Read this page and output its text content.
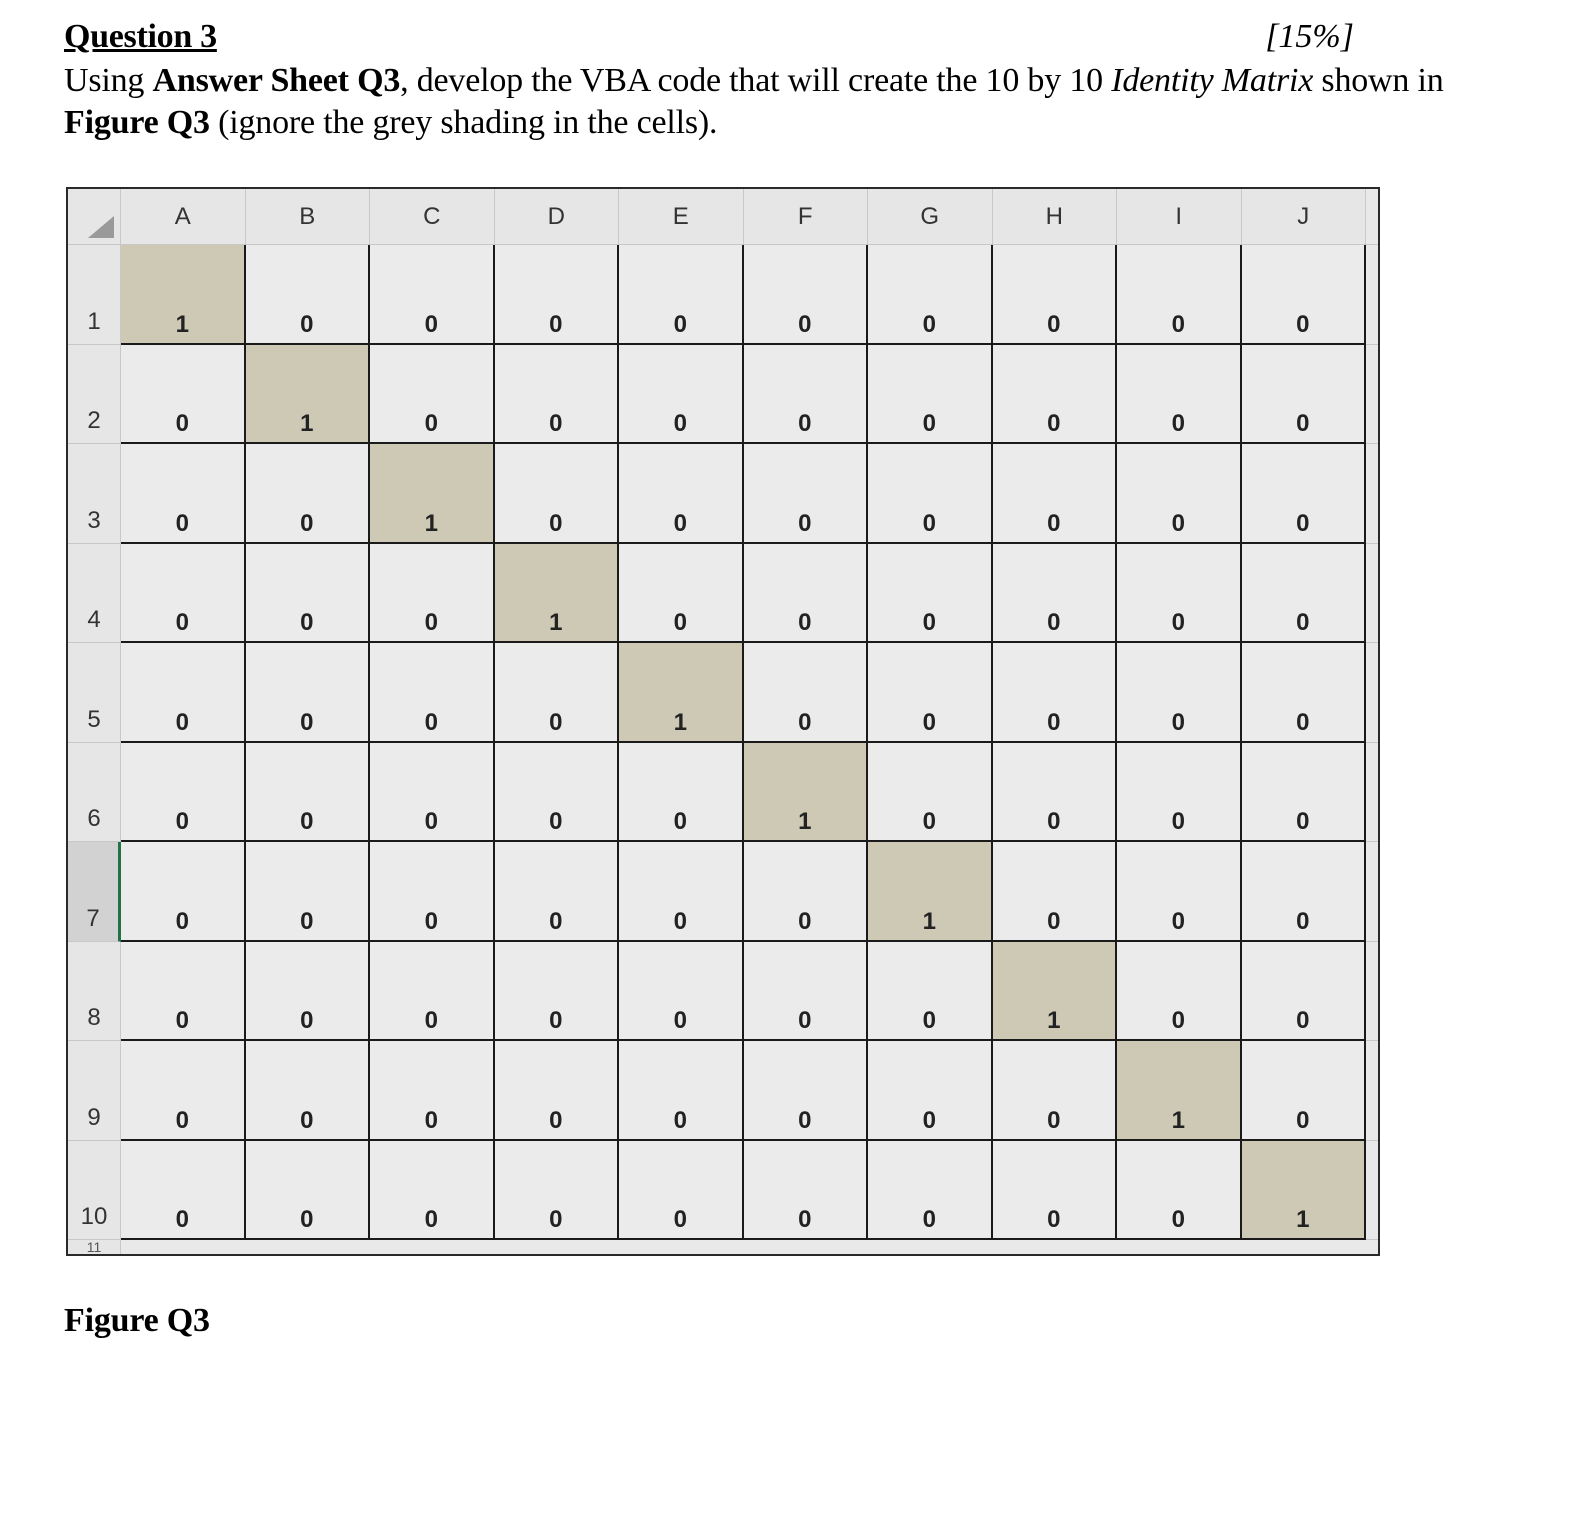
Question 3	[15%]
Using Answer Sheet Q3, develop the VBA code that will create the 10 by 10 Identity Matrix shown in Figure Q3 (ignore the grey shading in the cells).
A	B	C	D	E	F	G	H	I	J
1	1	0	0	0	0	0	0	0	0	0
2	0	1	0	0	0	0	0	0	0	0
3	0	0	1	0	0	0	0	0	0	0
4	0	0	0	1	0	0	0	0	0	0
5	0	0	0	0	1	0	0	0	0	0
6	0	0	0	0	0	1	0	0	0	0
7	0	0	0	0	0	0	1	0	0	0
8	0	0	0	0	0	0	0	1	0	0
9	0	0	0	0	0	0	0	0	1	0
10	0	0	0	0	0	0	0	0	0	1
11
Figure Q3
